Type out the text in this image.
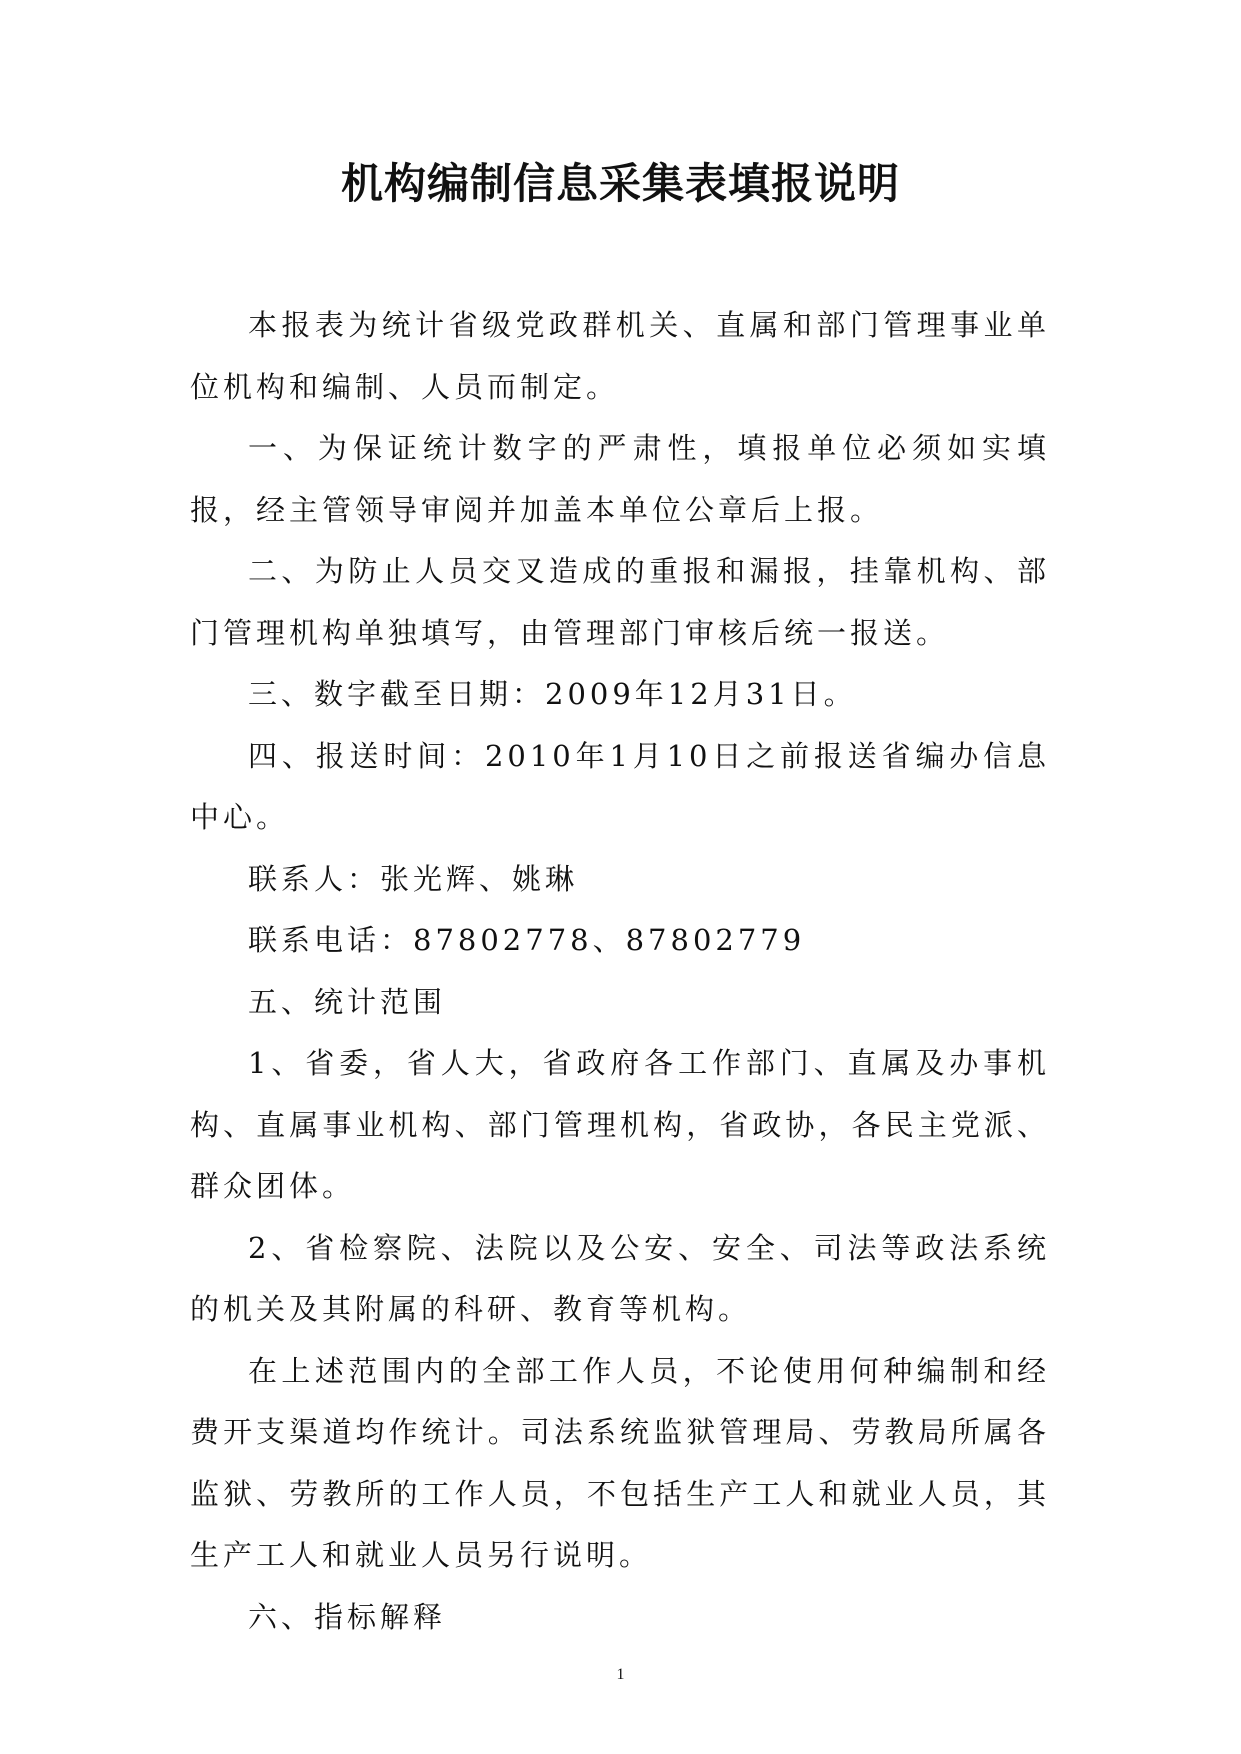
机构编制信息采集表填报说明

本报表为统计省级党政群机关、直属和部门管理事业单位机构和编制、人员而制定。

一、为保证统计数字的严肃性，填报单位必须如实填报，经主管领导审阅并加盖本单位公章后上报。

二、为防止人员交叉造成的重报和漏报，挂靠机构、部门管理机构单独填写，由管理部门审核后统一报送。

三、数字截至日期：2009年12月31日。

四、报送时间：2010年1月10日之前报送省编办信息中心。

联系人：张光辉、姚琳

联系电话：87802778、87802779

五、统计范围

1、省委，省人大，省政府各工作部门、直属及办事机构、直属事业机构、部门管理机构，省政协，各民主党派、群众团体。

2、省检察院、法院以及公安、安全、司法等政法系统的机关及其附属的科研、教育等机构。

在上述范围内的全部工作人员，不论使用何种编制和经费开支渠道均作统计。司法系统监狱管理局、劳教局所属各监狱、劳教所的工作人员，不包括生产工人和就业人员，其生产工人和就业人员另行说明。

六、指标解释

1
